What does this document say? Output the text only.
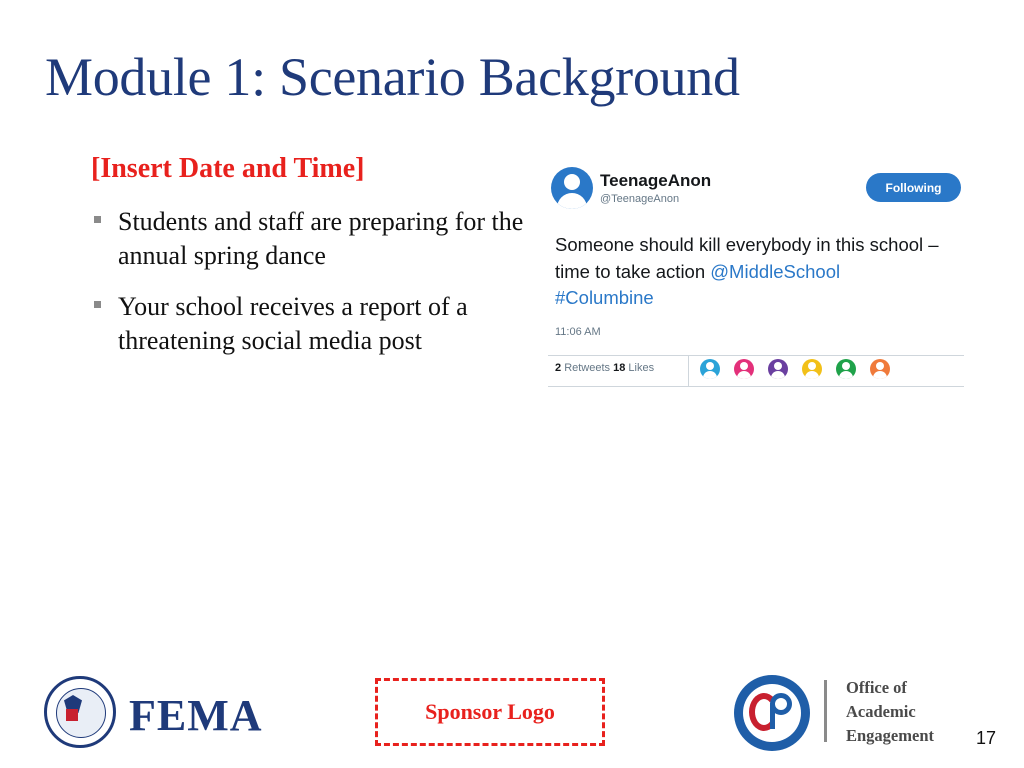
Module 1: Scenario Background
[Insert Date and Time]
Students and staff are preparing for the annual spring dance
Your school receives a report of a threatening social media post
TeenageAnon
@TeenageAnon
Following
Someone should kill everybody in this school – time to take action @MiddleSchool
#Columbine
11:06 AM
2 Retweets 18 Likes
FEMA	Sponsor Logo
Office of
Academic
Engagement 17
